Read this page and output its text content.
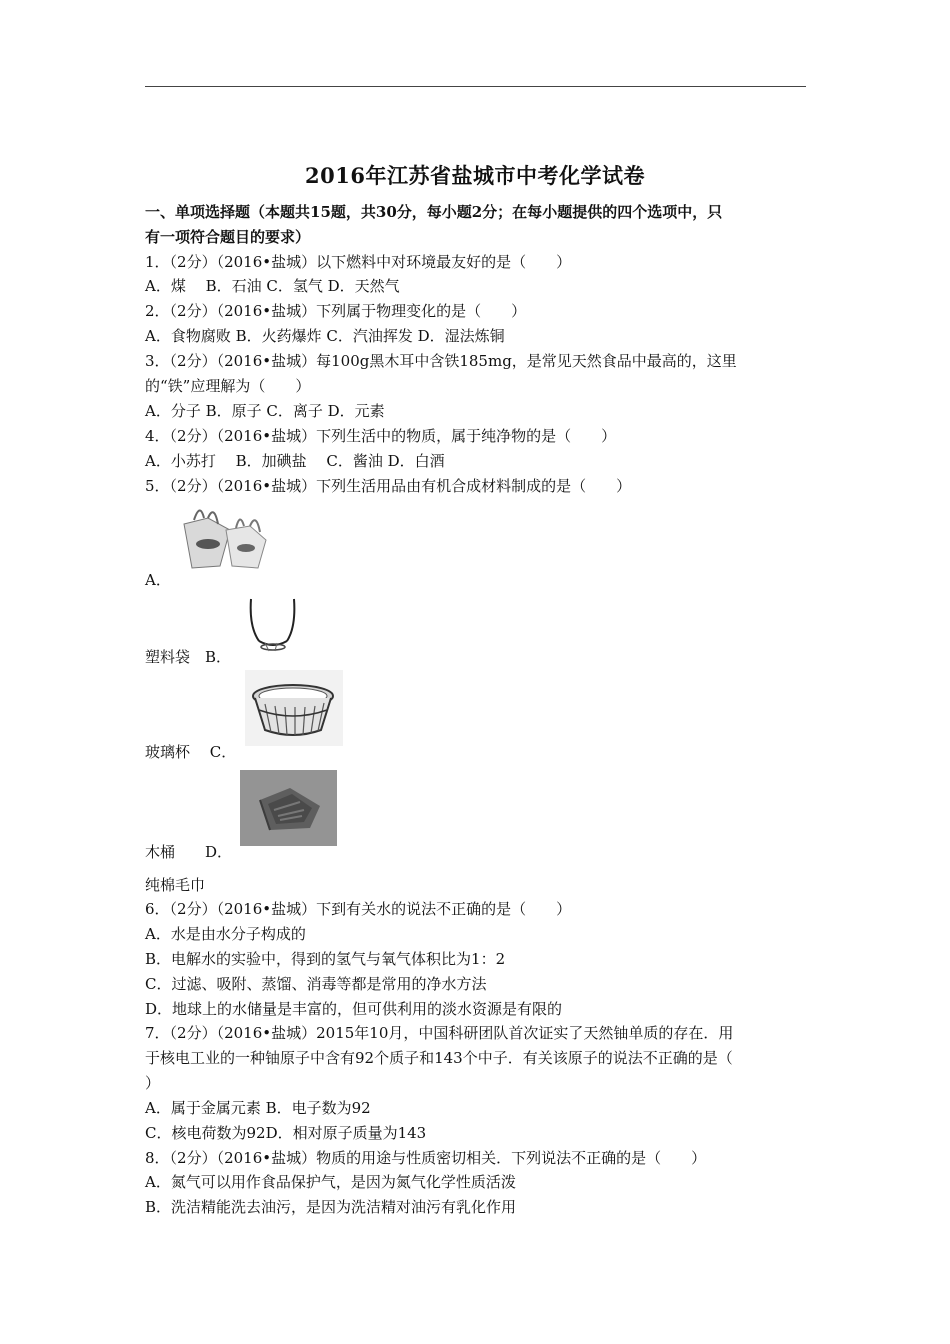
2016年江苏省盐城市中考化学试卷
一、单项选择题（本题共15题，共30分，每小题2分；在每小题提供的四个选项中，只
有一项符合题目的要求）
1．（2分）（2016•盐城）以下燃料中对环境最友好的是（　　）
A．煤　 B．石油 C．氢气 D．天然气
2．（2分）（2016•盐城）下列属于物理变化的是（　　）
A．食物腐败 B．火药爆炸 C．汽油挥发 D．湿法炼铜
3．（2分）（2016•盐城）每100g黑木耳中含铁185mg，是常见天然食品中最高的，这里
的“铁”应理解为（　　）
A．分子 B．原子 C．离子 D．元素
4．（2分）（2016•盐城）下列生活中的物质，属于纯净物的是（　　）
A．小苏打　 B．加碘盐　 C．酱油 D．白酒
5．（2分）（2016•盐城）下列生活用品由有机合成材料制成的是（　　）
A．
塑料袋　B．
玻璃杯　 C．
木桶　　D．
纯棉毛巾
6．（2分）（2016•盐城）下到有关水的说法不正确的是（　　）
A．水是由水分子构成的
B．电解水的实验中，得到的氢气与氧气体积比为1：2
C．过滤、吸附、蒸馏、消毒等都是常用的净水方法
D．地球上的水储量是丰富的，但可供利用的淡水资源是有限的
7．（2分）（2016•盐城）2015年10月，中国科研团队首次证实了天然铀单质的存在．用
于核电工业的一种铀原子中含有92个质子和143个中子．有关该原子的说法不正确的是（
）
A．属于金属元素 B．电子数为92
C．核电荷数为92D．相对原子质量为143
8．（2分）（2016•盐城）物质的用途与性质密切相关．下列说法不正确的是（　　）
A．氮气可以用作食品保护气，是因为氮气化学性质活泼
B．洗洁精能洗去油污，是因为洗洁精对油污有乳化作用
